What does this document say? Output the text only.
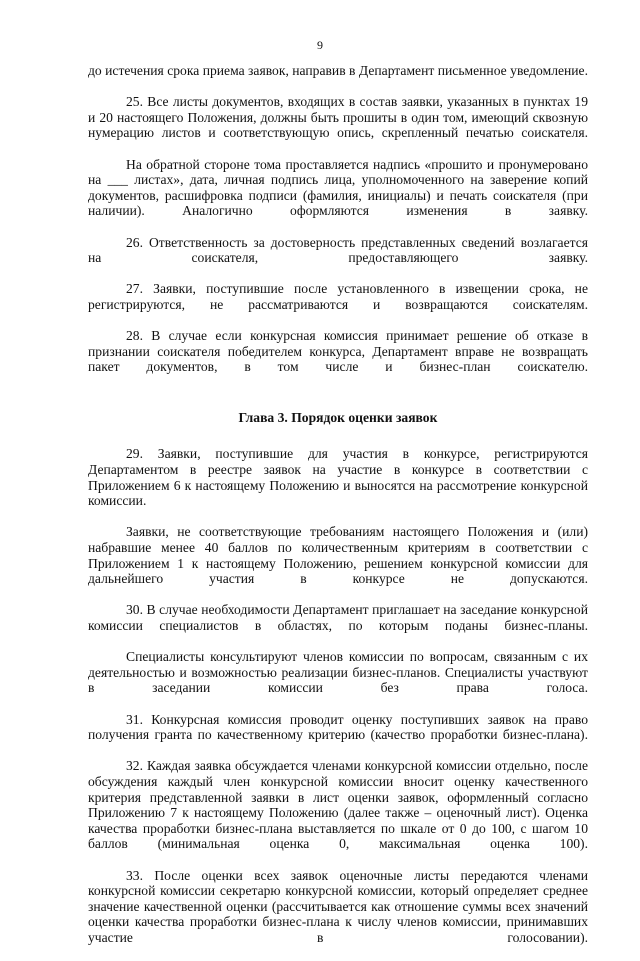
9

до истечения срока приема заявок, направив в Департамент письменное уведомление.

25. Все листы документов, входящих в состав заявки, указанных в пунктах 19 и 20 настоящего Положения, должны быть прошиты в один том, имеющий сквозную нумерацию листов и соответствующую опись, скрепленный печатью соискателя.

На обратной стороне тома проставляется надпись «прошито и пронумеровано на ___ листах», дата, личная подпись лица, уполномоченного на заверение копий документов, расшифровка подписи (фамилия, инициалы) и печать соискателя (при наличии). Аналогично оформляются изменения в заявку.

26. Ответственность за достоверность представленных сведений возлагается на соискателя, предоставляющего заявку.

27. Заявки, поступившие после установленного в извещении срока, не регистрируются, не рассматриваются и возвращаются соискателям.

28. В случае если конкурсная комиссия принимает решение об отказе в признании соискателя победителем конкурса, Департамент вправе не возвращать пакет документов, в том числе и бизнес-план соискателю.

Глава 3. Порядок оценки заявок

29. Заявки, поступившие для участия в конкурсе, регистрируются Департаментом в реестре заявок на участие в конкурсе в соответствии с Приложением 6 к настоящему Положению и выносятся на рассмотрение конкурсной комиссии.

Заявки, не соответствующие требованиям настоящего Положения и (или) набравшие менее 40 баллов по количественным критериям в соответствии с Приложением 1 к настоящему Положению, решением конкурсной комиссии для дальнейшего участия в конкурсе не допускаются.

30. В случае необходимости Департамент приглашает на заседание конкурсной комиссии специалистов в областях, по которым поданы бизнес-планы.

Специалисты консультируют членов комиссии по вопросам, связанным с их деятельностью и возможностью реализации бизнес-планов. Специалисты участвуют в заседании комиссии без права голоса.

31. Конкурсная комиссия проводит оценку поступивших заявок на право получения гранта по качественному критерию (качество проработки бизнес-плана).

32. Каждая заявка обсуждается членами конкурсной комиссии отдельно, после обсуждения каждый член конкурсной комиссии вносит оценку качественного критерия представленной заявки в лист оценки заявок, оформленный согласно Приложению 7 к настоящему Положению (далее также – оценочный лист). Оценка качества проработки бизнес-плана выставляется по шкале от 0 до 100, с шагом 10 баллов (минимальная оценка 0, максимальная оценка 100).

33. После оценки всех заявок оценочные листы передаются членами конкурсной комиссии секретарю конкурсной комиссии, который определяет среднее значение качественной оценки (рассчитывается как отношение суммы всех значений оценки качества проработки бизнес-плана к числу членов комиссии, принимавших участие в голосовании).
